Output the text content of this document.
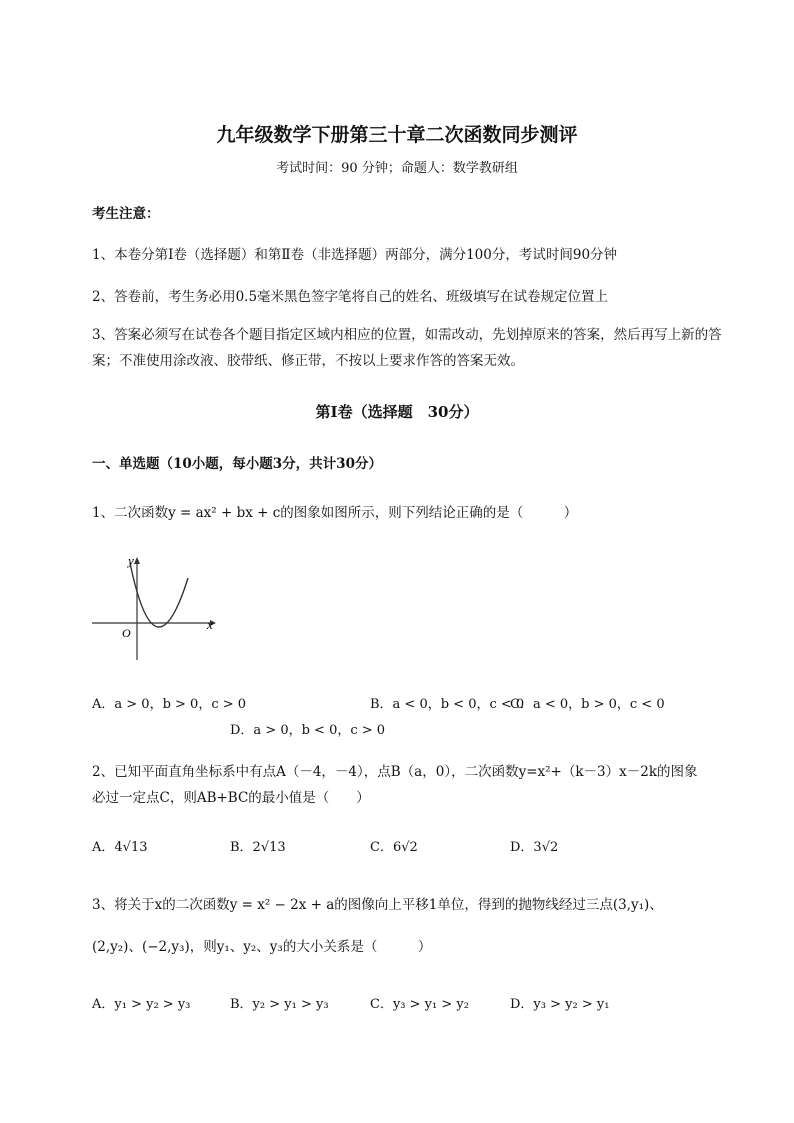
九年级数学下册第三十章二次函数同步测评
考试时间：90 分钟；命题人：数学教研组
考生注意：
1、本卷分第Ⅰ卷（选择题）和第Ⅱ卷（非选择题）两部分，满分100分，考试时间90分钟
2、答卷前，考生务必用0.5毫米黑色签字笔将自己的姓名、班级填写在试卷规定位置上
3、答案必须写在试卷各个题目指定区域内相应的位置，如需改动，先划掉原来的答案，然后再写上新的答案；不准使用涂改液、胶带纸、修正带，不按以上要求作答的答案无效。
第Ⅰ卷（选择题　30分）
一、单选题（10小题，每小题3分，共计30分）
1、二次函数y = ax² + bx + c的图象如图所示，则下列结论正确的是（　　　）
y
x
O
A．a > 0，b > 0，c > 0	B．a < 0，b < 0，c < 0
C．a < 0，b > 0，c < 0
D．a > 0，b < 0，c > 0
2、已知平面直角坐标系中有点A（－4，－4），点B（a，0），二次函数y=x²+（k－3）x－2k的图象
必过一定点C，则AB+BC的最小值是（　　）
A．4√13	B．2√13	C．6√2	D．3√2
3、将关于x的二次函数y = x² − 2x + a的图像向上平移1单位，得到的抛物线经过三点(3,y₁)、
(2,y₂)、(−2,y₃)，则y₁、y₂、y₃的大小关系是（　　　）
A．y₁ > y₂ > y₃	B．y₂ > y₁ > y₃	C．y₃ > y₁ > y₂	D．y₃ > y₂ > y₁
